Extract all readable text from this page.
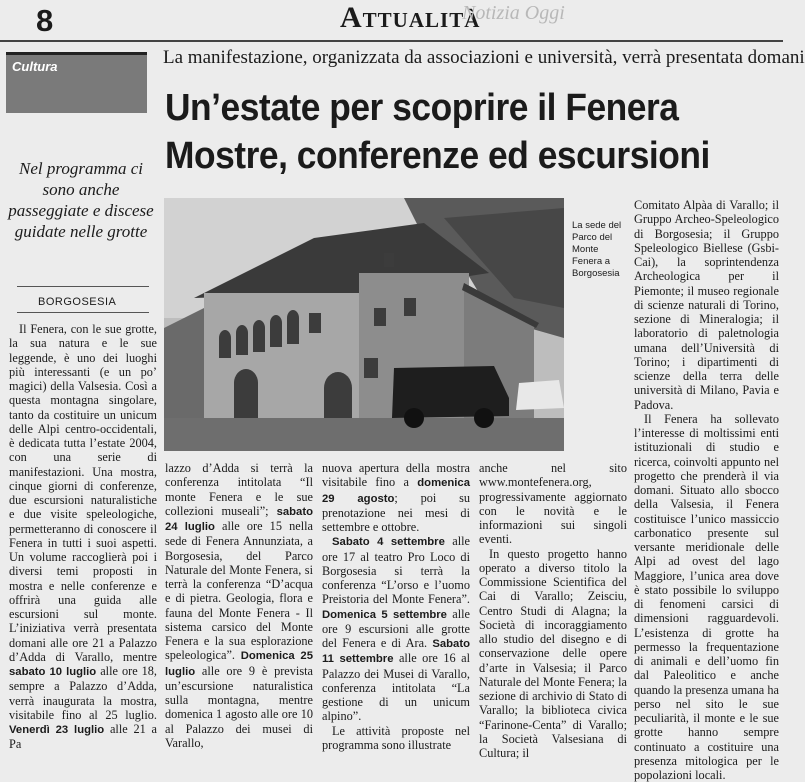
8	Attualità
Notizia Oggi
Cultura	La manifestazione, organizzata da associazioni e università, verrà presentata domani
Un’estate per scoprire il Fenera
Mostre, conferenze ed escursioni
Nel programma ci sono anche passeggiate e discese guidate nelle grotte
BORGOSESIA
La sede del Parco del Monte Fenera a Borgosesia

Il Fenera, con le sue grotte, la sua natura e le sue leggende, è uno dei luoghi più interessanti (e un po’ magici) della Valsesia. Così a questa montagna singolare, tanto da costituire un unicum delle Alpi centro-occidentali, è dedicata tutta l’estate 2004, con una serie di manifestazioni. Una mostra, cinque giorni di conferenze, due escursioni naturalistiche e due visite speleologiche, permetteranno di conoscere il Fenera in tutti i suoi aspetti. Un volume raccoglierà poi i diversi temi proposti in mostra e nelle conferenze e offrirà una guida alle escursioni sul monte. L’iniziativa verrà presentata domani alle ore 21 a Palazzo d’Adda di Varallo, mentre sabato 10 luglio alle ore 18, sempre a Palazzo d’Adda, verrà inaugurata la mostra, visitabile fino al 25 luglio. Venerdì 23 luglio alle 21 a Pa

lazzo d’Adda si terrà la conferenza intitolata “Il monte Fenera e le sue collezioni museali”; sabato 24 luglio alle ore 15 nella sede di Fenera Annunziata, a Borgosesia, del Parco Naturale del Monte Fenera, si terrà la conferenza “D’acqua e di pietra. Geologia, flora e fauna del Monte Fenera - Il sistema carsico del Monte Fenera e la sua esplorazione speleologica”. Domenica 25 luglio alle ore 9 è prevista un’escursione naturalistica sulla montagna, mentre domenica 1 agosto alle ore 10 al Palazzo dei musei di Varallo,

nuova apertura della mostra visitabile fino a domenica 29 agosto; poi su prenotazione nei mesi di settembre e ottobre.

Sabato 4 settembre alle ore 17 al teatro Pro Loco di Borgosesia si terrà la conferenza “L’orso e l’uomo Preistoria del Monte Fenera”. Domenica 5 settembre alle ore 9 escursioni alle grotte del Fenera e di Ara. Sabato 11 settembre alle ore 16 al Palazzo dei Musei di Varallo, conferenza intitolata “La gestione di un unicum alpino”.

Le attività proposte nel programma sono illustrate

anche nel sito www.montefenera.org, progressivamente aggiornato con le novità e le informazioni sui singoli eventi.

In questo progetto hanno operato a diverso titolo la Commissione Scientifica del Cai di Varallo; Zeisciu, Centro Studi di Alagna; la Società di incoraggiamento allo studio del disegno e di conservazione delle opere d’arte in Valsesia; il Parco Naturale del Monte Fenera; la sezione di archivio di Stato di Varallo; la biblioteca civica “Farinone-Centa” di Varallo; la Società Valsesiana di Cultura; il

Comitato Alpàa di Varallo; il Gruppo Archeo-Speleologico di Borgosesia; il Gruppo Speleologico Biellese (Gsbi-Cai), la soprintendenza Archeologica per il Piemonte; il museo regionale di scienze naturali di Torino, sezione di Mineralogia; il laboratorio di paletnologia umana dell’Università di Torino; i dipartimenti di scienze della terra delle università di Milano, Pavia e Padova.

Il Fenera ha sollevato l’interesse di moltissimi enti istituzionali di studio e ricerca, coinvolti appunto nel progetto che prenderà il via domani. Situato allo sbocco della Valsesia, il Fenera costituisce l’unico massiccio carbonatico presente sul versante meridionale delle Alpi ad ovest del lago Maggiore, l’unica area dove è stato possibile lo sviluppo di fenomeni carsici di dimensioni ragguardevoli. L’esistenza di grotte ha permesso la frequentazione di animali e dell’uomo fin dal Paleolitico e anche quando la presenza umana ha perso nel sito le sue peculiarità, il monte e le sue grotte hanno sempre continuato a costituire una presenza mitologica per le popolazioni locali.
